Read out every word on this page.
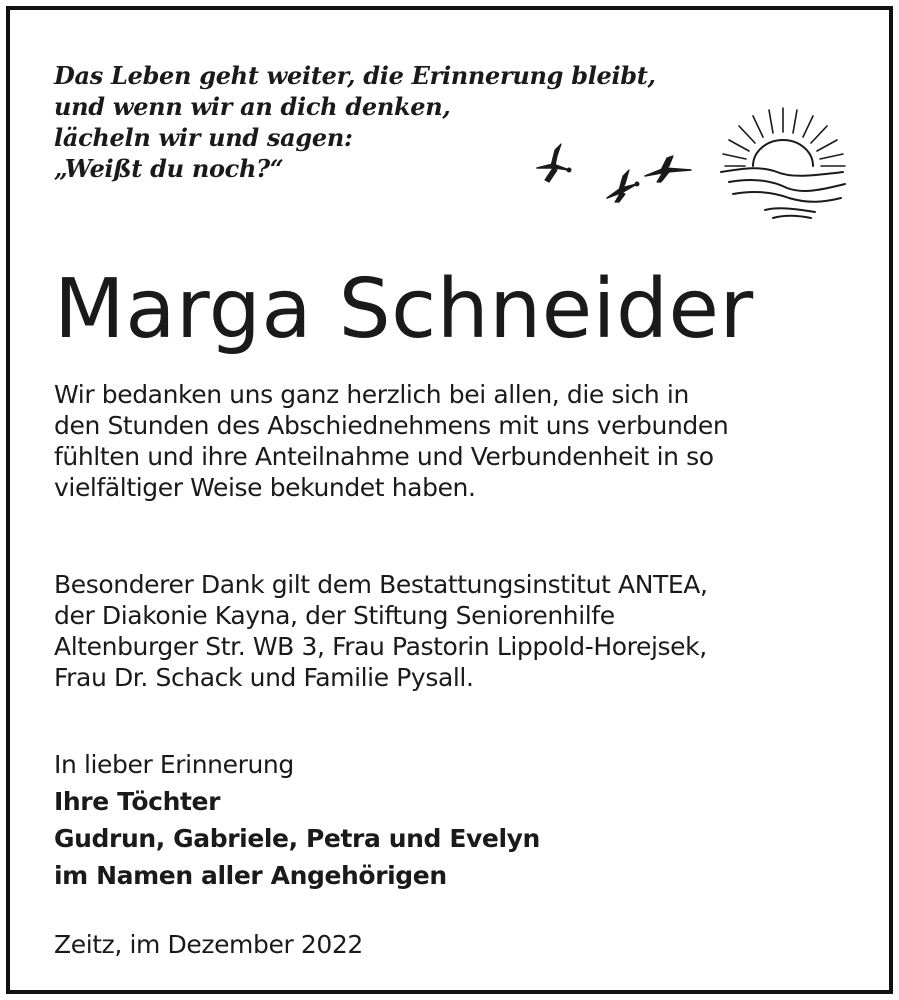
Das Leben geht weiter, die Erinnerung bleibt,
und wenn wir an dich denken,
lächeln wir und sagen:
„Weißt du noch?“
Marga Schneider
Wir bedanken uns ganz herzlich bei allen, die sich in
den Stunden des Abschiednehmens mit uns verbunden
fühlten und ihre Anteilnahme und Verbundenheit in so
vielfältiger Weise bekundet haben.
Besonderer Dank gilt dem Bestattungsinstitut ANTEA,
der Diakonie Kayna, der Stiftung Seniorenhilfe
Altenburger Str. WB 3, Frau Pastorin Lippold-Horejsek,
Frau Dr. Schack und Familie Pysall.
In lieber Erinnerung
Ihre Töchter
Gudrun, Gabriele, Petra und Evelyn
im Namen aller Angehörigen
Zeitz, im Dezember 2022
